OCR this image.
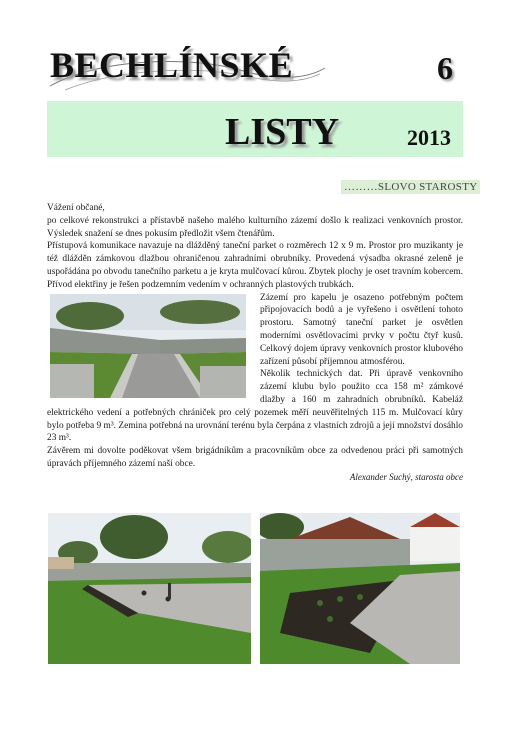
BECHLÍNSKÉ	6
LISTY	2013
………SLOVO STAROSTY

Vážení občané,

po celkové rekonstrukci a přístavbě našeho malého kulturního zázemí došlo k realizaci venkovních prostor. Výsledek snažení se dnes pokusím předložit všem čtenářům.

Přístupová komunikace navazuje na dlážděný taneční parket o rozměrech 12 x 9 m. Prostor pro muzikanty je též dlážděn zámkovou dlažbou ohraničenou zahradními obrubníky. Provedená výsadba okrasné zeleně je uspořádána po obvodu tanečního parketu a je kryta mulčovací kůrou. Zbytek plochy je oset travním kobercem. Přívod elektřiny je řešen podzemním vedením v ochranných plastových trubkách.

Zázemí pro kapelu je osazeno potřebným počtem připojovacích bodů a je vyřešeno i osvětlení tohoto prostoru. Samotný taneční parket je osvětlen moderními osvětlovacími prvky v počtu čtyř kusů. Celkový dojem úpravy venkovních prostor klubového zařízení působí příjemnou atmosférou.

Několik technických dat. Při úpravě venkovního zázemí klubu bylo použito cca 158 m² zámkové dlažby a 160 m zahradních obrubníků. Kabeláž elektrického vedení a potřebných chrániček pro celý pozemek měří neuvěřitelných 115 m. Mulčovací kůry bylo potřeba 9 m³. Zemina potřebná na urovnání terénu byla čerpána z vlastních zdrojů a její množství dosáhlo 23 m³.

Závěrem mi dovolte poděkovat všem brigádníkům a pracovníkům obce za odvedenou práci při samotných úpravách příjemného zázemí naší obce.

Alexander Suchý, starosta obce
